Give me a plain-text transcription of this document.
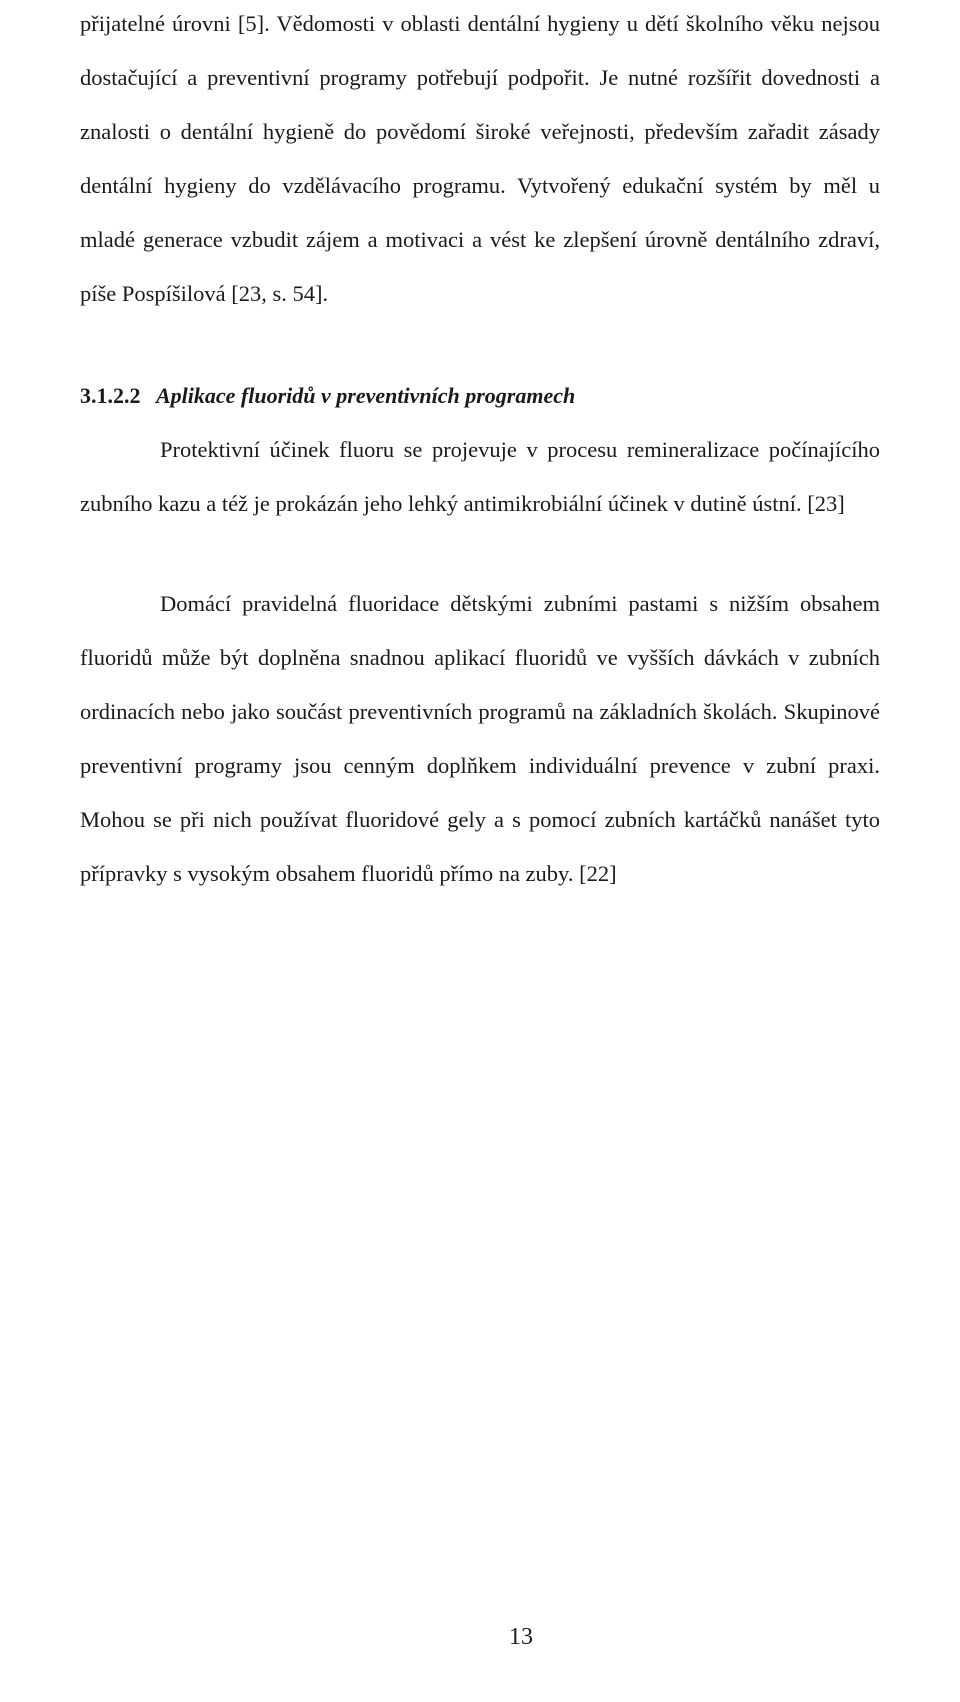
přijatelné úrovni [5]. Vědomosti v oblasti dentální hygieny u dětí školního věku nejsou dostačující a preventivní programy potřebují podpořit. Je nutné rozšířit dovednosti a znalosti o dentální hygieně do povědomí široké veřejnosti, především zařadit zásady dentální hygieny do vzdělávacího programu. Vytvořený edukační systém by měl u mladé generace vzbudit zájem a motivaci a vést ke zlepšení úrovně dentálního zdraví, píše Pospíšilová [23, s. 54].

3.1.2.2 Aplikace fluoridů v preventivních programech

Protektivní účinek fluoru se projevuje v procesu remineralizace počínajícího zubního kazu a též je prokázán jeho lehký antimikrobiální účinek v dutině ústní. [23]

Domácí pravidelná fluoridace dětskými zubními pastami s nižším obsahem fluoridů může být doplněna snadnou aplikací fluoridů ve vyšších dávkách v zubních ordinacích nebo jako součást preventivních programů na základních školách. Skupinové preventivní programy jsou cenným doplňkem individuální prevence v zubní praxi. Mohou se při nich používat fluoridové gely a s pomocí zubních kartáčků nanášet tyto přípravky s vysokým obsahem fluoridů přímo na zuby. [22]

13
